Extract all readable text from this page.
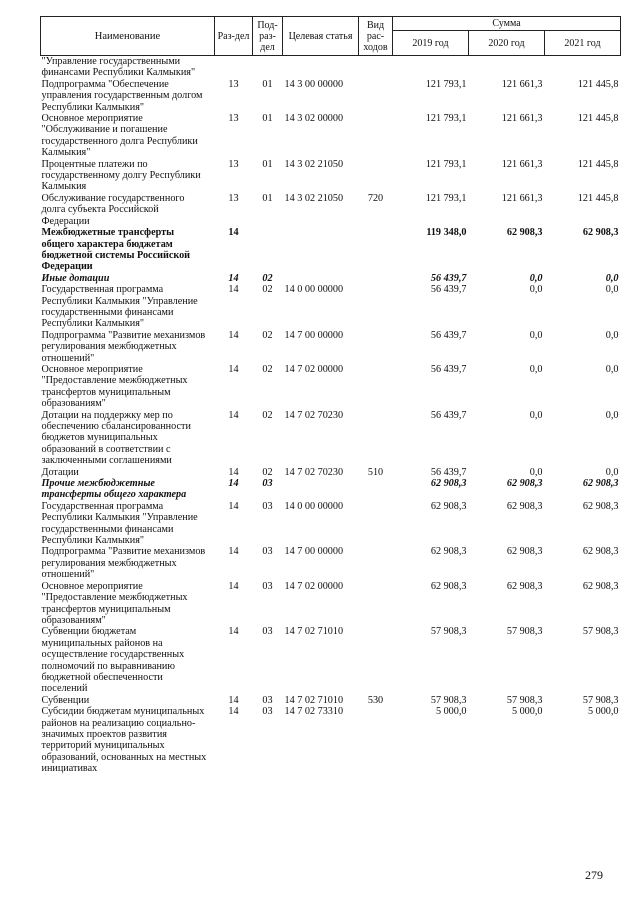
Наименование	Раз-дел	Под-раз-дел	Целевая статья	Вид рас-ходов	Сумма		
					2019 год	2020 год	2021 год
"Управление государственными финансами Республики Калмыкия"							
Подпрограмма "Обеспечение управления государственным долгом Республики Калмыкия"	13	01	14 3 00 00000		121 793,1	121 661,3	121 445,8
Основное мероприятие "Обслуживание и погашение государственного долга Республики Калмыкия"	13	01	14 3 02 00000		121 793,1	121 661,3	121 445,8
Процентные платежи по государственному долгу Республики Калмыкия	13	01	14 3 02 21050		121 793,1	121 661,3	121 445,8
Обслуживание государственного долга субъекта Российской Федерации	13	01	14 3 02 21050	720	121 793,1	121 661,3	121 445,8
Межбюджетные трансферты общего характера бюджетам бюджетной системы Российской Федерации	14				119 348,0	62 908,3	62 908,3
Иные дотации	14	02			56 439,7	0,0	0,0
Государственная программа Республики Калмыкия "Управление государственными финансами Республики Калмыкия"	14	02	14 0 00 00000		56 439,7	0,0	0,0
Подпрограмма "Развитие механизмов регулирования межбюджетных отношений"	14	02	14 7 00 00000		56 439,7	0,0	0,0
Основное мероприятие "Предоставление межбюджетных трансфертов муниципальным образованиям"	14	02	14 7 02 00000		56 439,7	0,0	0,0
Дотации на поддержку мер по обеспечению сбалансированности бюджетов муниципальных образований в соответствии с заключенными соглашениями	14	02	14 7 02 70230		56 439,7	0,0	0,0
Дотации	14	02	14 7 02 70230	510	56 439,7	0,0	0,0
Прочие межбюджетные трансферты общего характера	14	03			62 908,3	62 908,3	62 908,3
Государственная программа Республики Калмыкия "Управление государственными финансами Республики Калмыкия"	14	03	14 0 00 00000		62 908,3	62 908,3	62 908,3
Подпрограмма "Развитие механизмов регулирования межбюджетных отношений"	14	03	14 7 00 00000		62 908,3	62 908,3	62 908,3
Основное мероприятие "Предоставление межбюджетных трансфертов муниципальным образованиям"	14	03	14 7 02 00000		62 908,3	62 908,3	62 908,3
Субвенции бюджетам муниципальных районов на осуществление государственных полномочий по выравниванию бюджетной обеспеченности поселений	14	03	14 7 02 71010		57 908,3	57 908,3	57 908,3
Субвенции	14	03	14 7 02 71010	530	57 908,3	57 908,3	57 908,3
Субсидии бюджетам муниципальных районов на реализацию социально-значимых проектов развития территорий муниципальных образований, основанных на местных инициативах	14	03	14 7 02 73310		5 000,0	5 000,0	5 000,0
279
